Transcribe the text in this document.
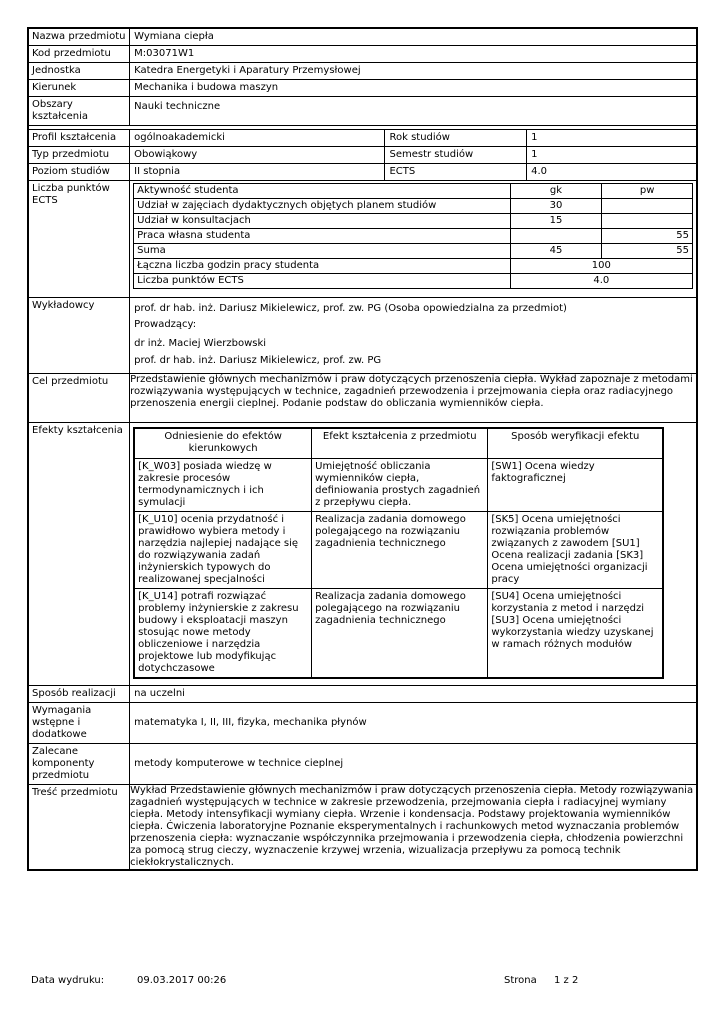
Nazwa przedmiotu	Wymiana ciepła
Kod przedmiotu	M:03071W1
Jednostka	Katedra Energetyki i Aparatury Przemysłowej
Kierunek	Mechanika i budowa maszyn
Obszary kształcenia	Nauki techniczne

Profil kształcenia	ogólnoakademicki	Rok studiów	1
Typ przedmiotu	Obowiąkowy	Semestr studiów	1
Poziom studiów	II stopnia	ECTS	4.0
Liczba punktów ECTS	
Aktywność studenta	gk	pw
Udział w zajęciach dydaktycznych objętych planem studiów	30	
Udział w konsultacjach	15	
Praca własna studenta		55
Suma	45	55
Łączna liczba godzin pracy studenta	100
Liczba punktów ECTS	4.0

Wykładowcy	prof. dr hab. inż. Dariusz Mikielewicz, prof. zw. PG (Osoba opowiedzialna za przedmiot)
Prowadzący:
dr inż. Maciej Wierzbowski
prof. dr hab. inż. Dariusz Mikielewicz, prof. zw. PG

Cel przedmiotu	Przedstawienie głównych mechanizmów i praw dotyczących przenoszenia ciepła. Wykład zapoznaje z metodami rozwiązywania występujących w technice, zagadnień przewodzenia i przejmowania ciepła oraz radiacyjnego przenoszenia energii cieplnej. Podanie podstaw do obliczania wymienników ciepła.
Efekty kształcenia	
Odniesienie do efektów kierunkowych	Efekt kształcenia z przedmiotu	Sposób weryfikacji efektu
[K_W03] posiada wiedzę w zakresie procesów termodynamicznych i ich symulacji	Umiejętność obliczania wymienników ciepła, definiowania prostych zagadnień z przepływu ciepła.	[SW1] Ocena wiedzy faktograficznej
[K_U10] ocenia przydatność i prawidłowo wybiera metody i narzędzia najlepiej nadające się do rozwiązywania zadań inżynierskich typowych do realizowanej specjalności	Realizacja zadania domowego polegającego na rozwiązaniu zagadnienia technicznego	[SK5] Ocena umiejętności rozwiązania problemów związanych z zawodem [SU1] Ocena realizacji zadania [SK3] Ocena umiejętności organizacji pracy
[K_U14] potrafi rozwiązać problemy inżynierskie z zakresu budowy i eksploatacji maszyn stosując nowe metody obliczeniowe i narzędzia projektowe lub modyfikując dotychczasowe	Realizacja zadania domowego polegającego na rozwiązaniu zagadnienia technicznego	[SU4] Ocena umiejętności korzystania z metod i narzędzi [SU3] Ocena umiejętności wykorzystania wiedzy uzyskanej w ramach różnych modułów

Sposób realizacji	na uczelni
Wymagania wstępne i dodatkowe	matematyka I, II, III, fizyka, mechanika płynów
Zalecane komponenty przedmiotu	metody komputerowe w technice cieplnej
Treść przedmiotu	Wykład Przedstawienie głównych mechanizmów i praw dotyczących przenoszenia ciepła. Metody rozwiązywania zagadnień występujących w technice w zakresie przewodzenia, przejmowania ciepła i radiacyjnej wymiany ciepła. Metody intensyfikacji wymiany ciepła. Wrzenie i kondensacja. Podstawy projektowania wymienników ciepła. Ćwiczenia laboratoryjne Poznanie eksperymentalnych i rachunkowych metod wyznaczania problemów przenoszenia ciepła: wyznaczanie współczynnika przejmowania i przewodzenia ciepła, chłodzenia powierzchni za pomocą strug cieczy, wyznaczenie krzywej wrzenia, wizualizacja przepływu za pomocą technik ciekłokrystalicznych.
Data wydruku:	09.03.2017 00:26	Strona 1 z 2
